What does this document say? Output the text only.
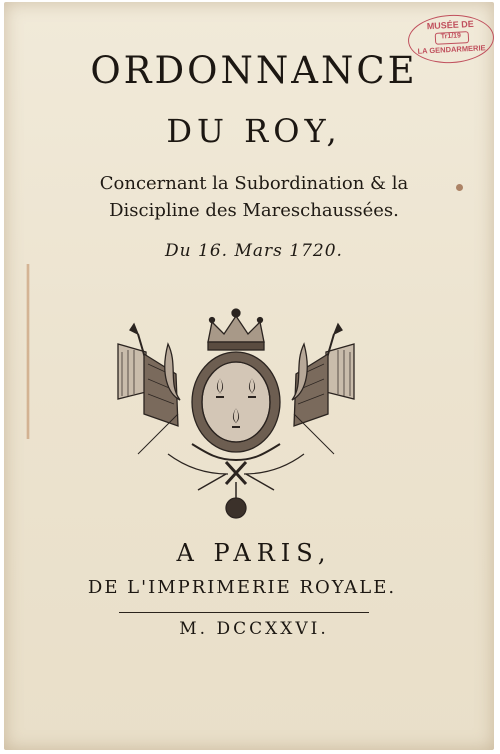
MUSÉE DE
Tr1/19
LA GENDARMERIE
ORDONNANCE
DU ROY,
Concernant la Subordination & la
Discipline des Mareschaussées.
Du 16. Mars 1720.
A PARIS,
DE L'IMPRIMERIE ROYALE.
M. DCCXXVI.
